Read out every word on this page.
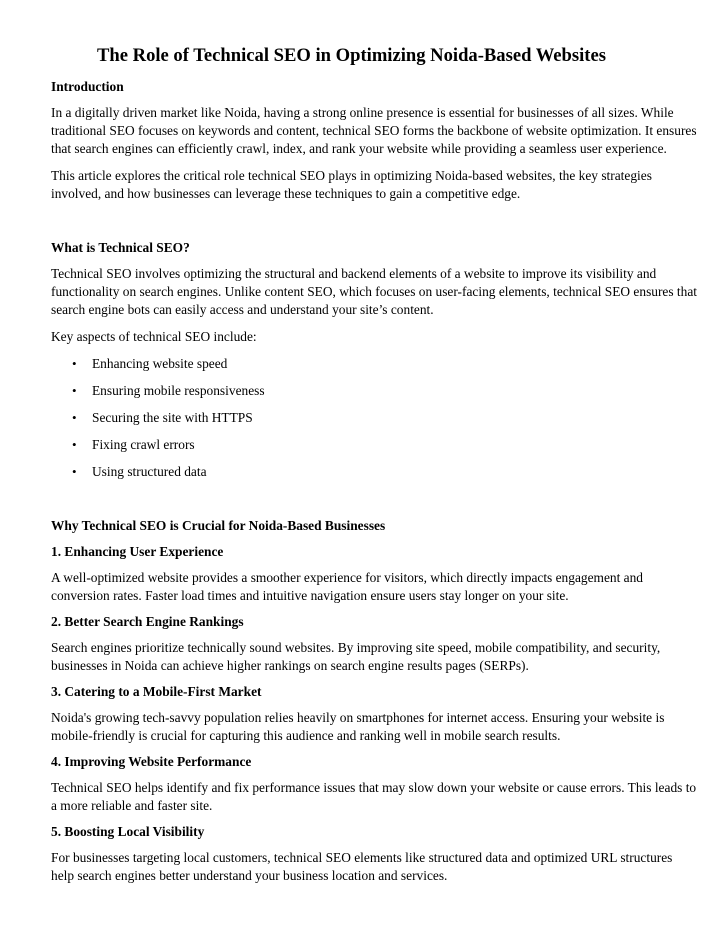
The Role of Technical SEO in Optimizing Noida-Based Websites
Introduction

In a digitally driven market like Noida, having a strong online presence is essential for businesses of all sizes. While traditional SEO focuses on keywords and content, technical SEO forms the backbone of website optimization. It ensures that search engines can efficiently crawl, index, and rank your website while providing a seamless user experience.

This article explores the critical role technical SEO plays in optimizing Noida-based websites, the key strategies involved, and how businesses can leverage these techniques to gain a competitive edge.

What is Technical SEO?

Technical SEO involves optimizing the structural and backend elements of a website to improve its visibility and functionality on search engines. Unlike content SEO, which focuses on user-facing elements, technical SEO ensures that search engine bots can easily access and understand your site’s content.

Key aspects of technical SEO include:

• Enhancing website speed
• Ensuring mobile responsiveness
• Securing the site with HTTPS
• Fixing crawl errors
• Using structured data
Why Technical SEO is Crucial for Noida-Based Businesses
1. Enhancing User Experience

A well-optimized website provides a smoother experience for visitors, which directly impacts engagement and conversion rates. Faster load times and intuitive navigation ensure users stay longer on your site.

2. Better Search Engine Rankings

Search engines prioritize technically sound websites. By improving site speed, mobile compatibility, and security, businesses in Noida can achieve higher rankings on search engine results pages (SERPs).

3. Catering to a Mobile-First Market

Noida's growing tech-savvy population relies heavily on smartphones for internet access. Ensuring your website is mobile-friendly is crucial for capturing this audience and ranking well in mobile search results.

4. Improving Website Performance

Technical SEO helps identify and fix performance issues that may slow down your website or cause errors. This leads to a more reliable and faster site.

5. Boosting Local Visibility

For businesses targeting local customers, technical SEO elements like structured data and optimized URL structures help search engines better understand your business location and services.
